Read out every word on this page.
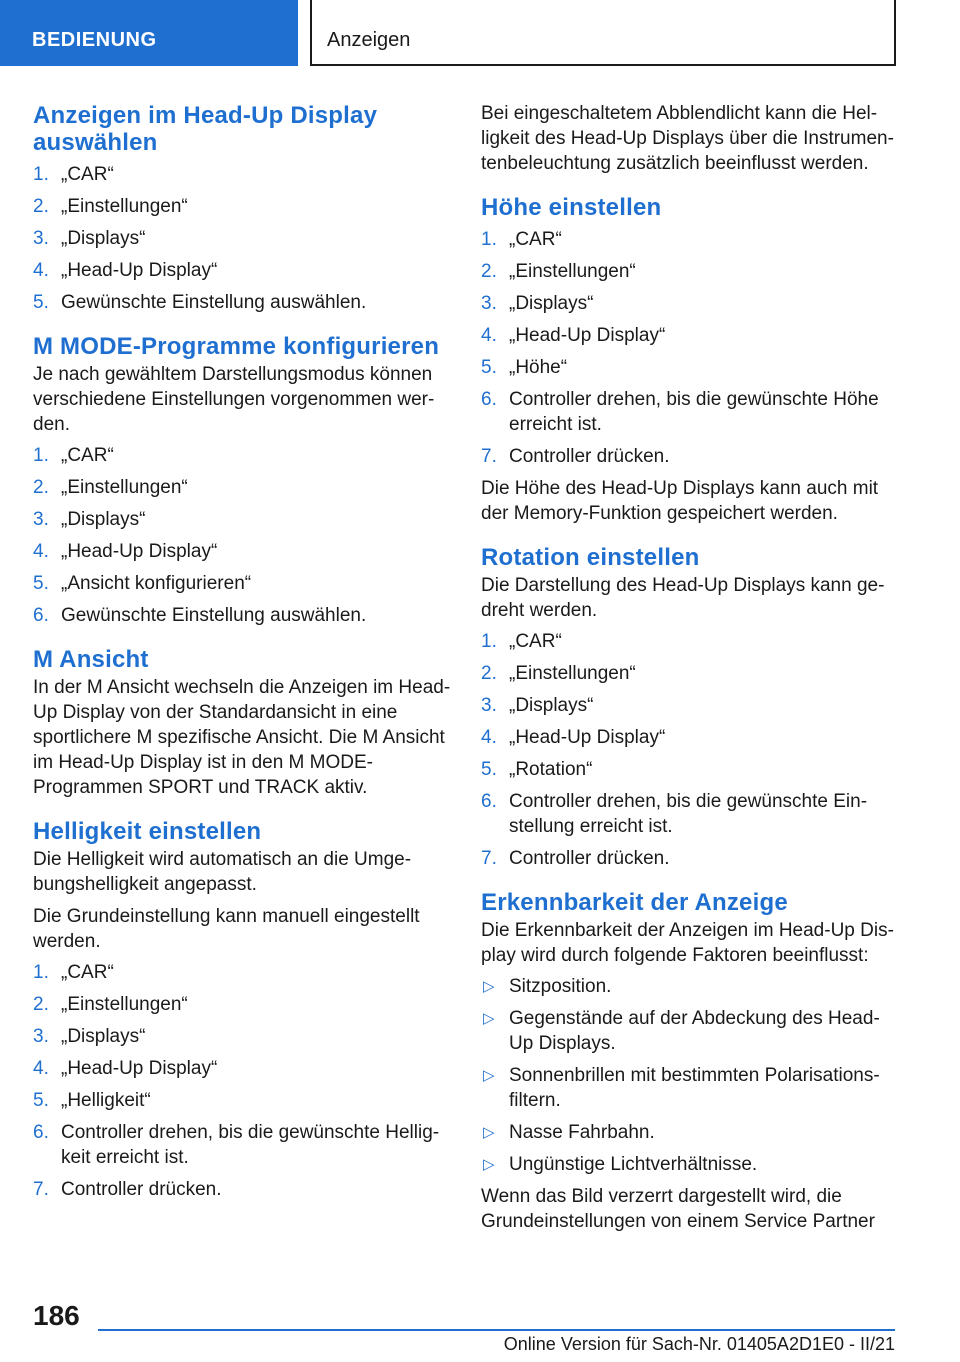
BEDIENUNG	Anzeigen
Anzeigen im Head-Up Display auswählen
1. „CAR“
2. „Einstellungen“
3. „Displays“
4. „Head-Up Display“
5. Gewünschte Einstellung auswählen.
M MODE-Programme konfigurieren

Je nach gewähltem Darstellungsmodus können verschiedene Einstellungen vorgenommen werden.

1. „CAR“
2. „Einstellungen“
3. „Displays“
4. „Head-Up Display“
5. „Ansicht konfigurieren“
6. Gewünschte Einstellung auswählen.
M Ansicht

In der M Ansicht wechseln die Anzeigen im Head-Up Display von der Standardansicht in eine sportlichere M spezifische Ansicht. Die M Ansicht im Head-Up Display ist in den M MODE-Programmen SPORT und TRACK aktiv.

Helligkeit einstellen

Die Helligkeit wird automatisch an die Umgebungshelligkeit angepasst.

Die Grundeinstellung kann manuell eingestellt werden.

1. „CAR“
2. „Einstellungen“
3. „Displays“
4. „Head-Up Display“
5. „Helligkeit“
6. Controller drehen, bis die gewünschte Helligkeit erreicht ist.
7. Controller drücken.

Bei eingeschaltetem Abblendlicht kann die Helligkeit des Head-Up Displays über die Instrumentenbeleuchtung zusätzlich beeinflusst werden.

Höhe einstellen
1. „CAR“
2. „Einstellungen“
3. „Displays“
4. „Head-Up Display“
5. „Höhe“
6. Controller drehen, bis die gewünschte Höhe erreicht ist.
7. Controller drücken.

Die Höhe des Head-Up Displays kann auch mit der Memory-Funktion gespeichert werden.

Rotation einstellen

Die Darstellung des Head-Up Displays kann gedreht werden.

1. „CAR“
2. „Einstellungen“
3. „Displays“
4. „Head-Up Display“
5. „Rotation“
6. Controller drehen, bis die gewünschte Einstellung erreicht ist.
7. Controller drücken.
Erkennbarkeit der Anzeige

Die Erkennbarkeit der Anzeigen im Head-Up Display wird durch folgende Faktoren beeinflusst:

▷ Sitzposition.
▷ Gegenstände auf der Abdeckung des Head-Up Displays.
▷ Sonnenbrillen mit bestimmten Polarisationsfiltern.
▷ Nasse Fahrbahn.
▷ Ungünstige Lichtverhältnisse.

Wenn das Bild verzerrt dargestellt wird, die Grundeinstellungen von einem Service Partner

186
Online Version für Sach-Nr. 01405A2D1E0 - II/21
